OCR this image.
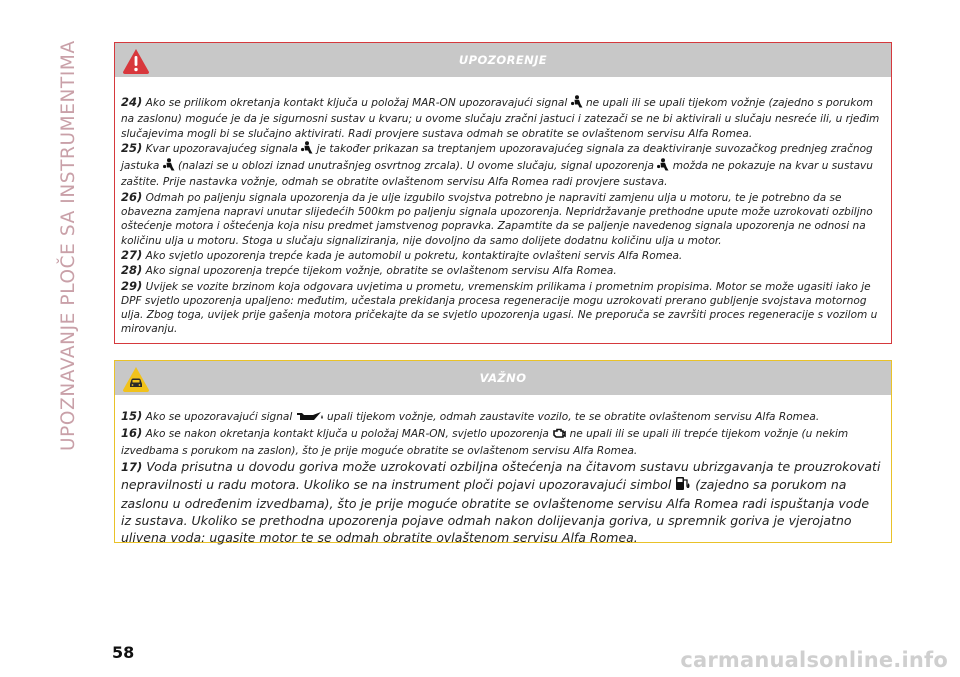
UPOZNAVANJE PLOČE SA INSTRUMENTIMA	UPOZORENJE

24) Ako se prilikom okretanja kontakt ključa u položaj MAR-ON upozoravajući signal ne upali ili se upali tijekom vožnje (zajedno s porukom na zaslonu) moguće je da je sigurnosni sustav u kvaru; u ovome slučaju zračni jastuci i zatezači se ne bi aktivirali u slučaju nesreće ili, u rjeđim slučajevima mogli bi se slučajno aktivirati. Radi provjere sustava odmah se obratite se ovlaštenom servisu Alfa Romea.

25) Kvar upozoravajućeg signala je također prikazan sa treptanjem upozoravajućeg signala za deaktiviranje suvozačkog prednjeg zračnog jastuka (nalazi se u oblozi iznad unutrašnjeg osvrtnog zrcala). U ovome slučaju, signal upozorenja možda ne pokazuje na kvar u sustavu zaštite. Prije nastavka vožnje, odmah se obratite ovlaštenom servisu Alfa Romea radi provjere sustava.

26) Odmah po paljenju signala upozorenja da je ulje izgubilo svojstva potrebno je napraviti zamjenu ulja u motoru, te je potrebno da se obavezna zamjena napravi unutar slijedećih 500km po paljenju signala upozorenja. Nepridržavanje prethodne upute može uzrokovati ozbiljno oštećenje motora i oštećenja koja nisu predmet jamstvenog popravka. Zapamtite da se paljenje navedenog signala upozorenja ne odnosi na količinu ulja u motoru. Stoga u slučaju signaliziranja, nije dovoljno da samo dolijete dodatnu količinu ulja u motor.

27) Ako svjetlo upozorenja trepće kada je automobil u pokretu, kontaktirajte ovlašteni servis Alfa Romea.

28) Ako signal upozorenja trepće tijekom vožnje, obratite se ovlaštenom servisu Alfa Romea.

29) Uvijek se vozite brzinom koja odgovara uvjetima u prometu, vremenskim prilikama i prometnim propisima. Motor se može ugasiti iako je DPF svjetlo upozorenja upaljeno: međutim, učestala prekidanja procesa regeneracije mogu uzrokovati prerano gubljenje svojstava motornog ulja. Zbog toga, uvijek prije gašenja motora pričekajte da se svjetlo upozorenja ugasi. Ne preporuča se završiti proces regeneracije s vozilom u mirovanju.

VAŽNO

15) Ako se upozoravajući signal	upali tijekom vožnje, odmah zaustavite vozilo, te se obratite ovlaštenom servisu Alfa Romea.

16) Ako se nakon okretanja kontakt ključa u položaj MAR-ON, svjetlo upozorenja ne upali ili se upali ili trepće tijekom vožnje (u nekim izvedbama s porukom na zaslon), što je prije moguće obratite se ovlaštenom servisu Alfa Romea.

17) Voda prisutna u dovodu goriva može uzrokovati ozbiljna oštećenja na čitavom sustavu ubrizgavanja te prouzrokovati nepravilnosti u radu motora. Ukoliko se na instrument ploči pojavi upozoravajući simbol (zajedno sa porukom na zaslonu u određenim izvedbama), što je prije moguće obratite se ovlaštenome servisu Alfa Romea radi ispuštanja vode iz sustava. Ukoliko se prethodna upozorenja pojave odmah nakon dolijevanja goriva, u spremnik goriva je vjerojatno ulivena voda: ugasite motor te se odmah obratite ovlaštenom servisu Alfa Romea.

58	carmanualsonline.info
